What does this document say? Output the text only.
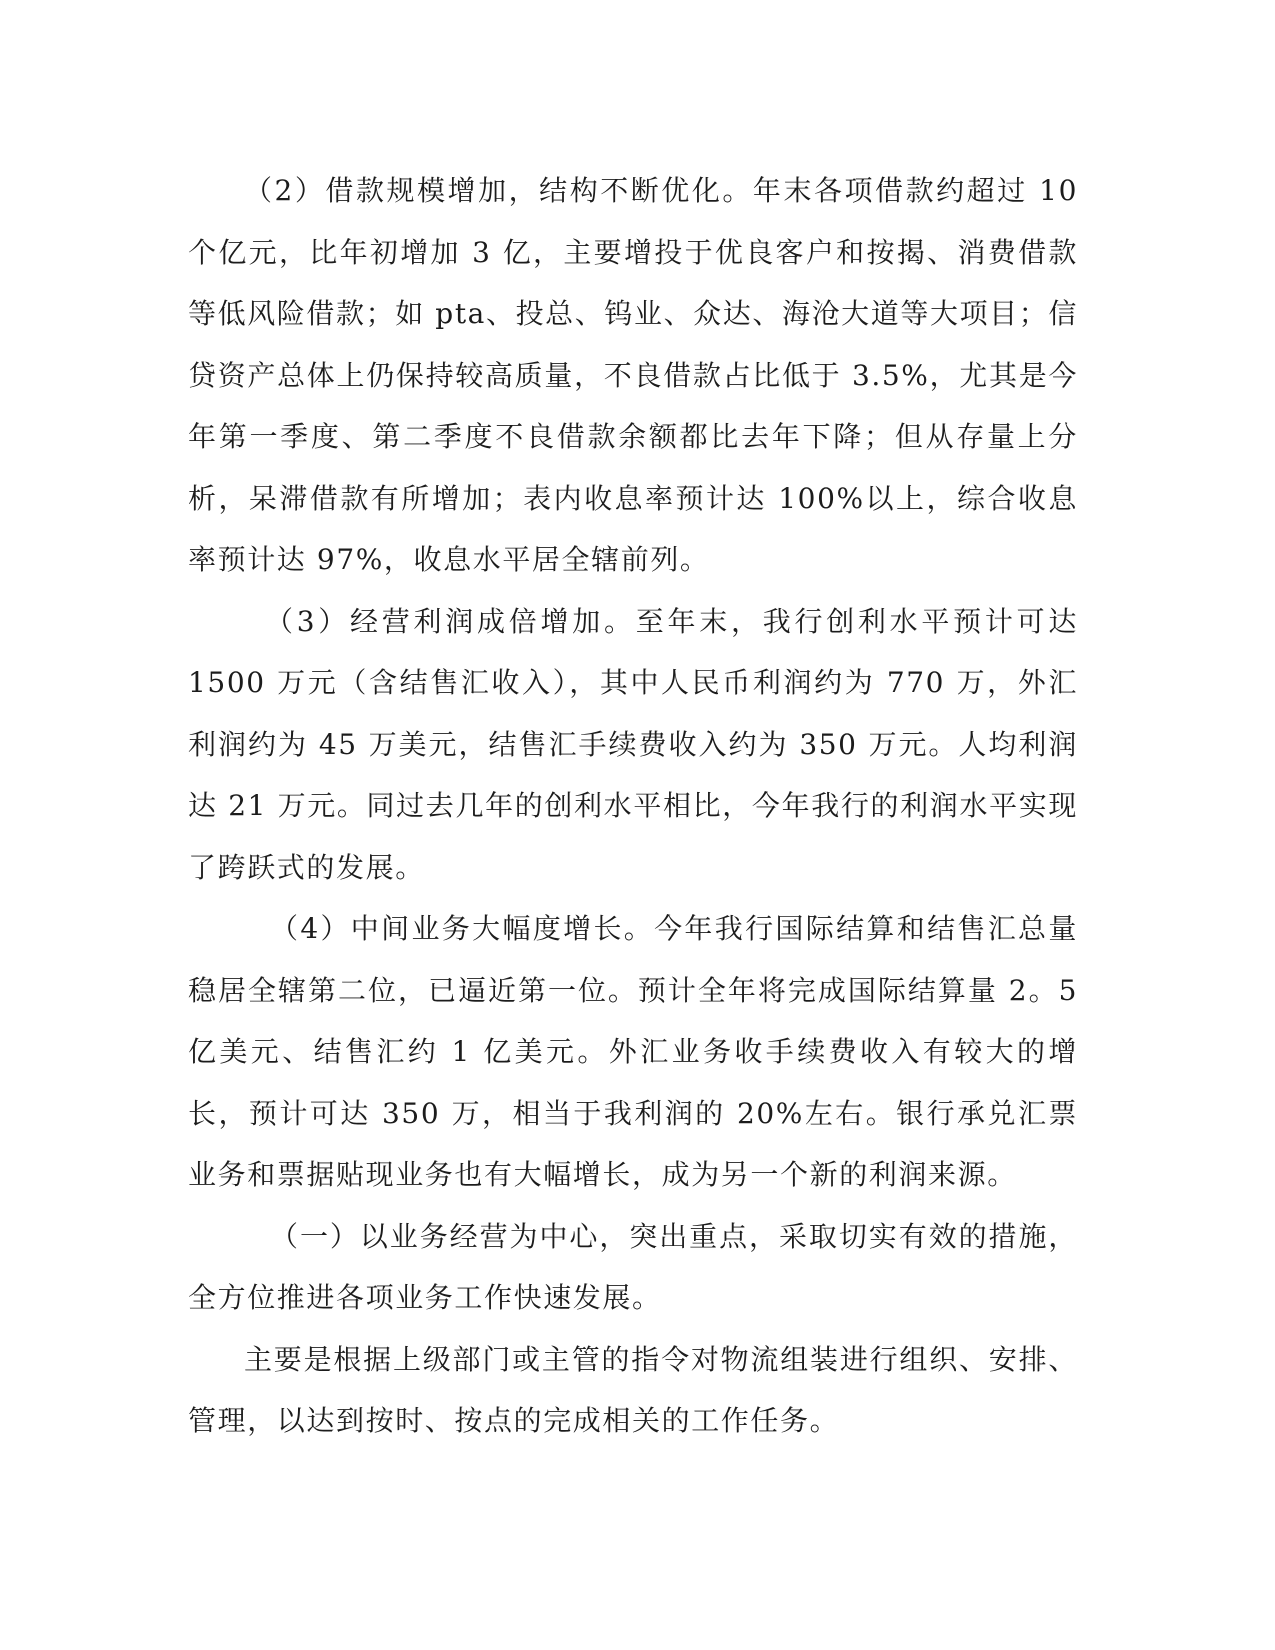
（2）借款规模增加，结构不断优化。年末各项借款约超过 10 个亿元，比年初增加 3 亿，主要增投于优良客户和按揭、消费借款等低风险借款；如 pta、投总、钨业、众达、海沧大道等大项目；信贷资产总体上仍保持较高质量，不良借款占比低于 3.5%，尤其是今年第一季度、第二季度不良借款余额都比去年下降；但从存量上分析，呆滞借款有所增加；表内收息率预计达 100%以上，综合收息率预计达 97%，收息水平居全辖前列。

（3）经营利润成倍增加。至年末，我行创利水平预计可达 1500 万元（含结售汇收入），其中人民币利润约为 770 万，外汇利润约为 45 万美元，结售汇手续费收入约为 350 万元。人均利润达 21 万元。同过去几年的创利水平相比，今年我行的利润水平实现了跨跃式的发展。

（4）中间业务大幅度增长。今年我行国际结算和结售汇总量稳居全辖第二位，已逼近第一位。预计全年将完成国际结算量 2。5 亿美元、结售汇约 1 亿美元。外汇业务收手续费收入有较大的增长，预计可达 350 万，相当于我利润的 20%左右。银行承兑汇票业务和票据贴现业务也有大幅增长，成为另一个新的利润来源。

（一）以业务经营为中心，突出重点，采取切实有效的措施，全方位推进各项业务工作快速发展。

主要是根据上级部门或主管的指令对物流组装进行组织、安排、管理，以达到按时、按点的完成相关的工作任务。
